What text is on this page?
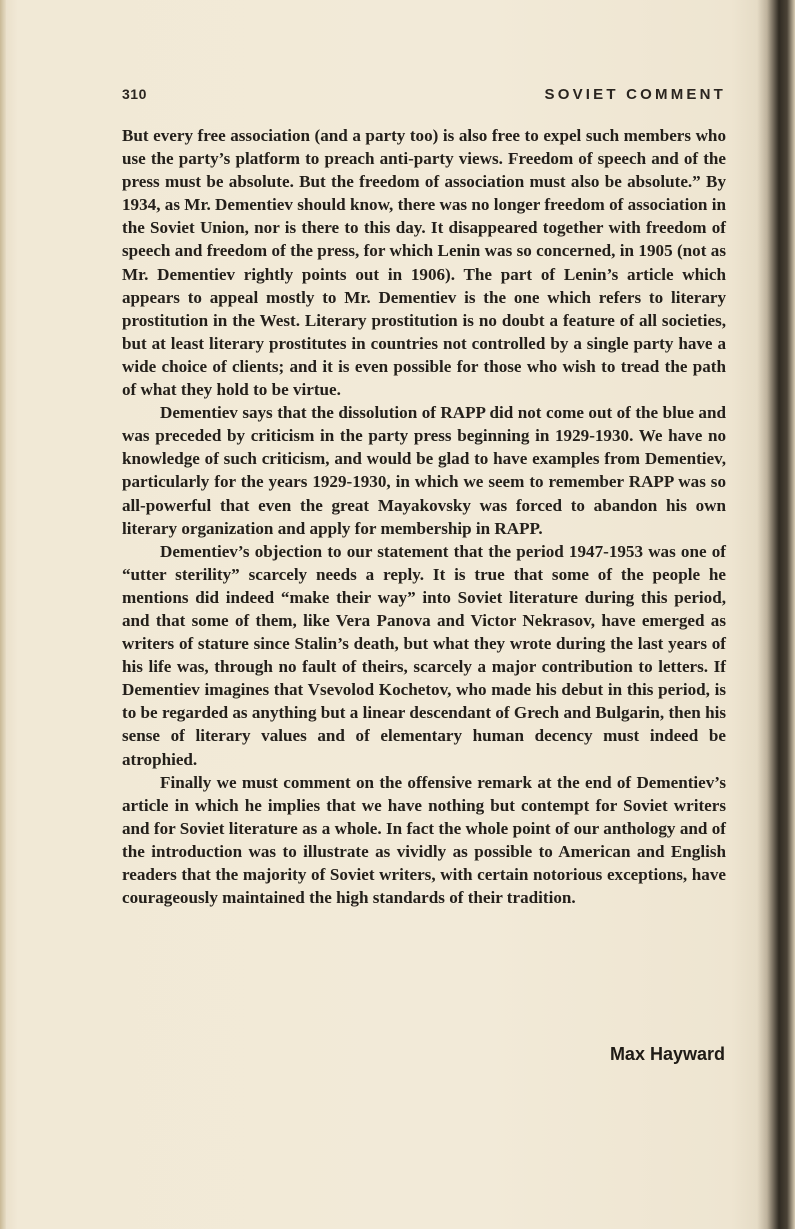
310	SOVIET COMMENT

But every free association (and a party too) is also free to expel such members who use the party’s platform to preach anti-party views. Freedom of speech and of the press must be absolute. But the freedom of association must also be absolute.” By 1934, as Mr. Dementiev should know, there was no longer freedom of association in the Soviet Union, nor is there to this day. It disappeared together with freedom of speech and freedom of the press, for which Lenin was so concerned, in 1905 (not as Mr. Dementiev rightly points out in 1906). The part of Lenin’s article which appears to appeal mostly to Mr. Dementiev is the one which refers to literary prostitution in the West. Literary prostitution is no doubt a feature of all societies, but at least literary prostitutes in countries not controlled by a single party have a wide choice of clients; and it is even possible for those who wish to tread the path of what they hold to be virtue.

Dementiev says that the dissolution of RAPP did not come out of the blue and was preceded by criticism in the party press beginning in 1929-1930. We have no knowledge of such criticism, and would be glad to have examples from Dementiev, particularly for the years 1929-1930, in which we seem to remember RAPP was so all-powerful that even the great Mayakovsky was forced to abandon his own literary organization and apply for membership in RAPP.

Dementiev’s objection to our statement that the period 1947-1953 was one of “utter sterility” scarcely needs a reply. It is true that some of the people he mentions did indeed “make their way” into Soviet literature during this period, and that some of them, like Vera Panova and Victor Nekrasov, have emerged as writers of stature since Stalin’s death, but what they wrote during the last years of his life was, through no fault of theirs, scarcely a major contribution to letters. If Dementiev imagines that Vsevolod Kochetov, who made his debut in this period, is to be regarded as anything but a linear descendant of Grech and Bulgarin, then his sense of literary values and of elementary human decency must indeed be atrophied.

Finally we must comment on the offensive remark at the end of Dementiev’s article in which he implies that we have nothing but contempt for Soviet writers and for Soviet literature as a whole. In fact the whole point of our anthology and of the introduction was to illustrate as vividly as possible to American and English readers that the majority of Soviet writers, with certain notorious exceptions, have courageously maintained the high standards of their tradition.

Max Hayward
